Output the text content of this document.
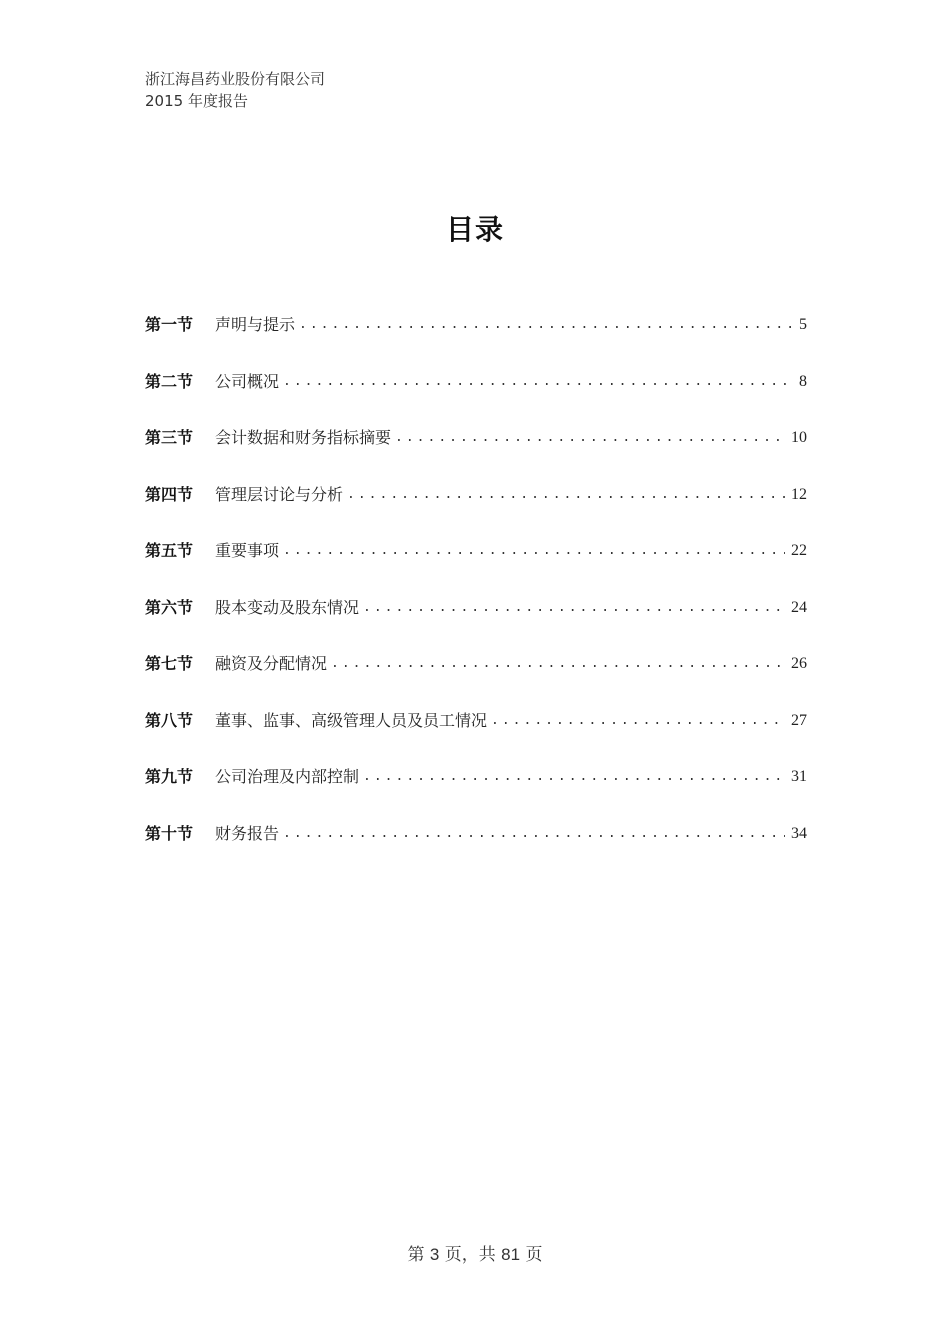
浙江海昌药业股份有限公司
2015 年度报告
目录
第一节	声明与提示 .....	5
第二节	公司概况 .....	8
第三节	会计数据和财务指标摘要 .....	10
第四节	管理层讨论与分析 .....	12
第五节	重要事项 .....	22
第六节	股本变动及股东情况 .....	24
第七节	融资及分配情况 .....	26
第八节	董事、监事、高级管理人员及员工情况 .....	27
第九节	公司治理及内部控制 .....	31
第十节	财务报告 .....	34
第 3 页，共 81 页
